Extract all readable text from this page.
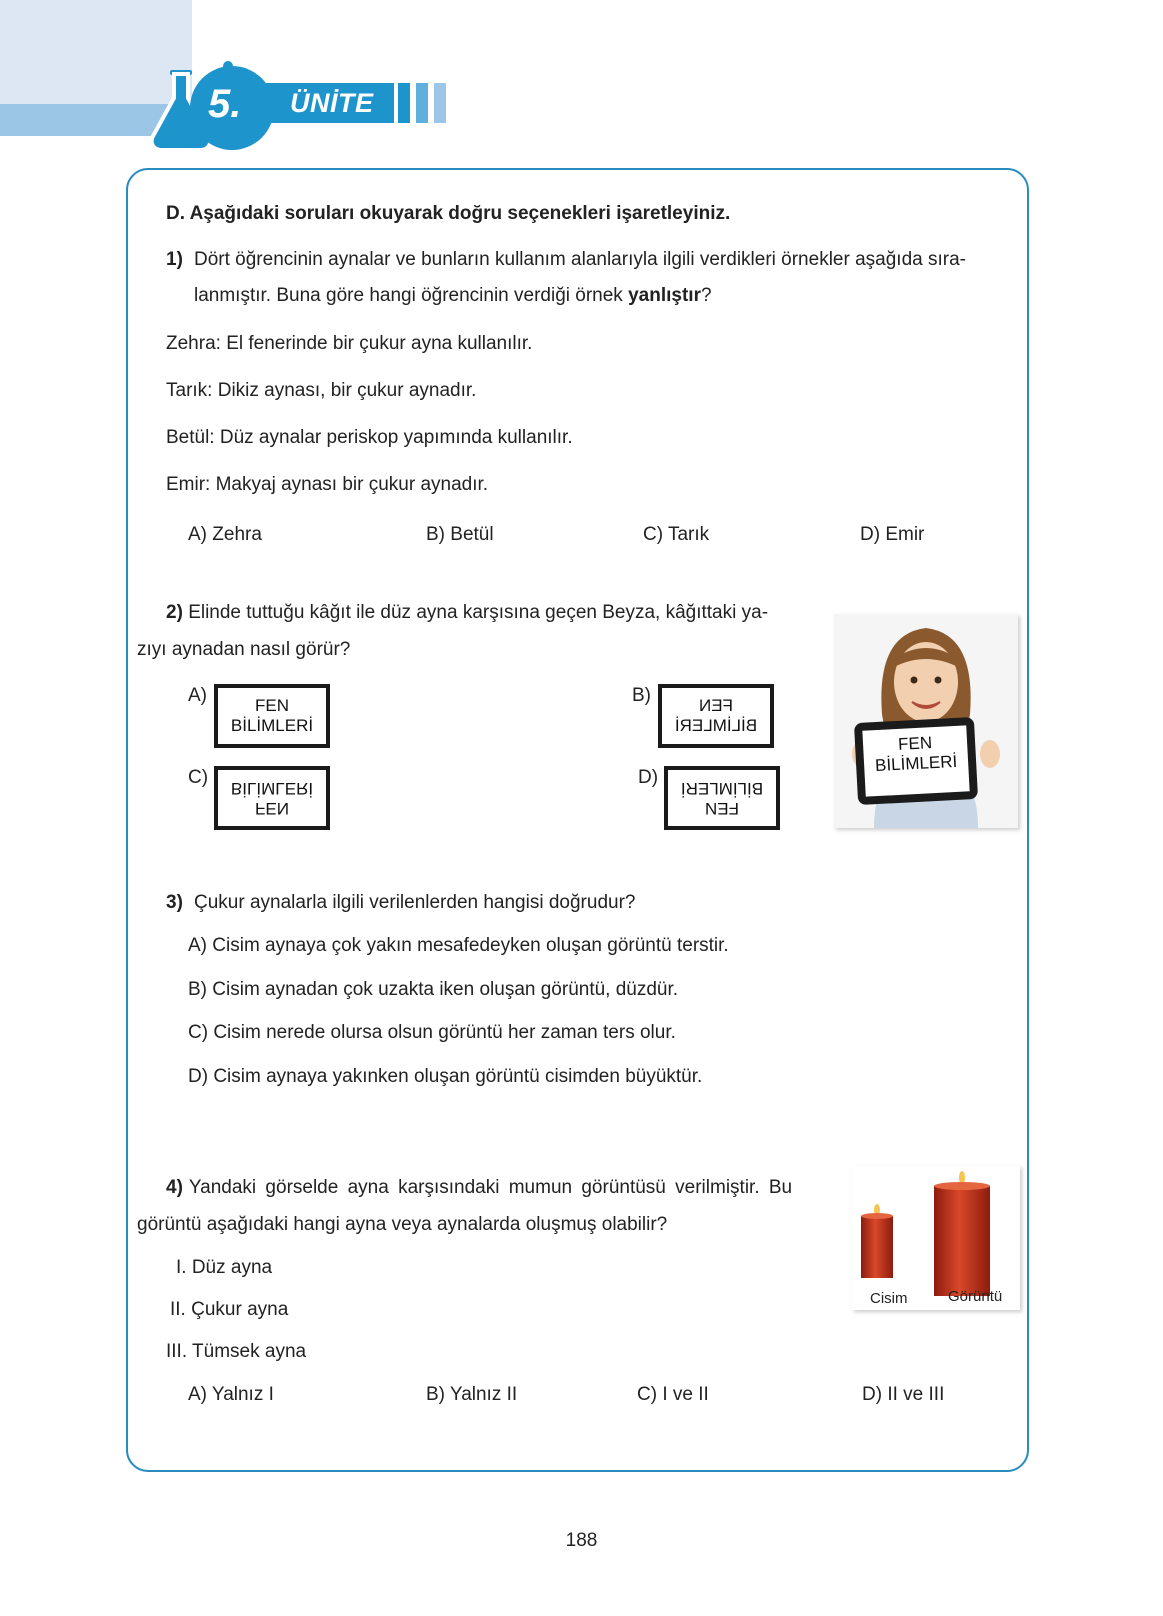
5. ÜNİTE
D. Aşağıdaki soruları okuyarak doğru seçenekleri işaretleyiniz.
1) Dört öğrencinin aynalar ve bunların kullanım alanlarıyla ilgili verdikleri örnekler aşağıda sıra-
lanmıştır. Buna göre hangi öğrencinin verdiği örnek yanlıştır?
Zehra: El fenerinde bir çukur ayna kullanılır.
Tarık: Dikiz aynası, bir çukur aynadır.
Betül: Düz aynalar periskop yapımında kullanılır.
Emir: Makyaj aynası bir çukur aynadır.
A) Zehra	B) Betül	C) Tarık	D) Emir
2) Elinde tuttuğu kâğıt ile düz ayna karşısına geçen Beyza, kâğıttaki ya-
zıyı aynadan nasıl görür?
A)	FEN
BİLİMLERİ
B)	FEN
BİLİMLERİ
C)
FEN
BİLİMLERİ
D)
FEN
BİLİMLERİ
FEN
BİLİMLERİ
3) Çukur aynalarla ilgili verilenlerden hangisi doğrudur?
A) Cisim aynaya çok yakın mesafedeyken oluşan görüntü terstir.
B) Cisim aynadan çok uzakta iken oluşan görüntü, düzdür.
C) Cisim nerede olursa olsun görüntü her zaman ters olur.
D) Cisim aynaya yakınken oluşan görüntü cisimden büyüktür.
4) Yandaki görselde ayna karşısındaki mumun görüntüsü verilmiştir. Bu
görüntü aşağıdaki hangi ayna veya aynalarda oluşmuş olabilir?
I. Düz ayna
II. Çukur ayna
III. Tümsek ayna
A) Yalnız I	B) Yalnız II	C) I ve II	D) II ve III
Cisim	Görüntü
188
